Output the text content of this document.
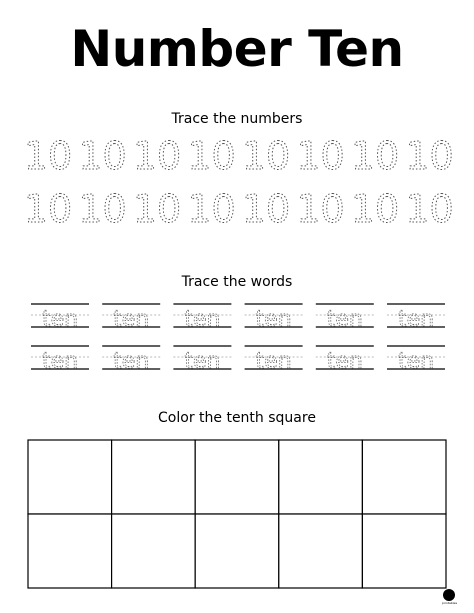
Number Ten
Trace the numbers
Trace the words
Color the tenth square
10 10 10 10 10 10 10 10
10 10 10 10 10 10 10 10
ten ten ten ten ten ten
ten ten ten ten ten ten
printables
